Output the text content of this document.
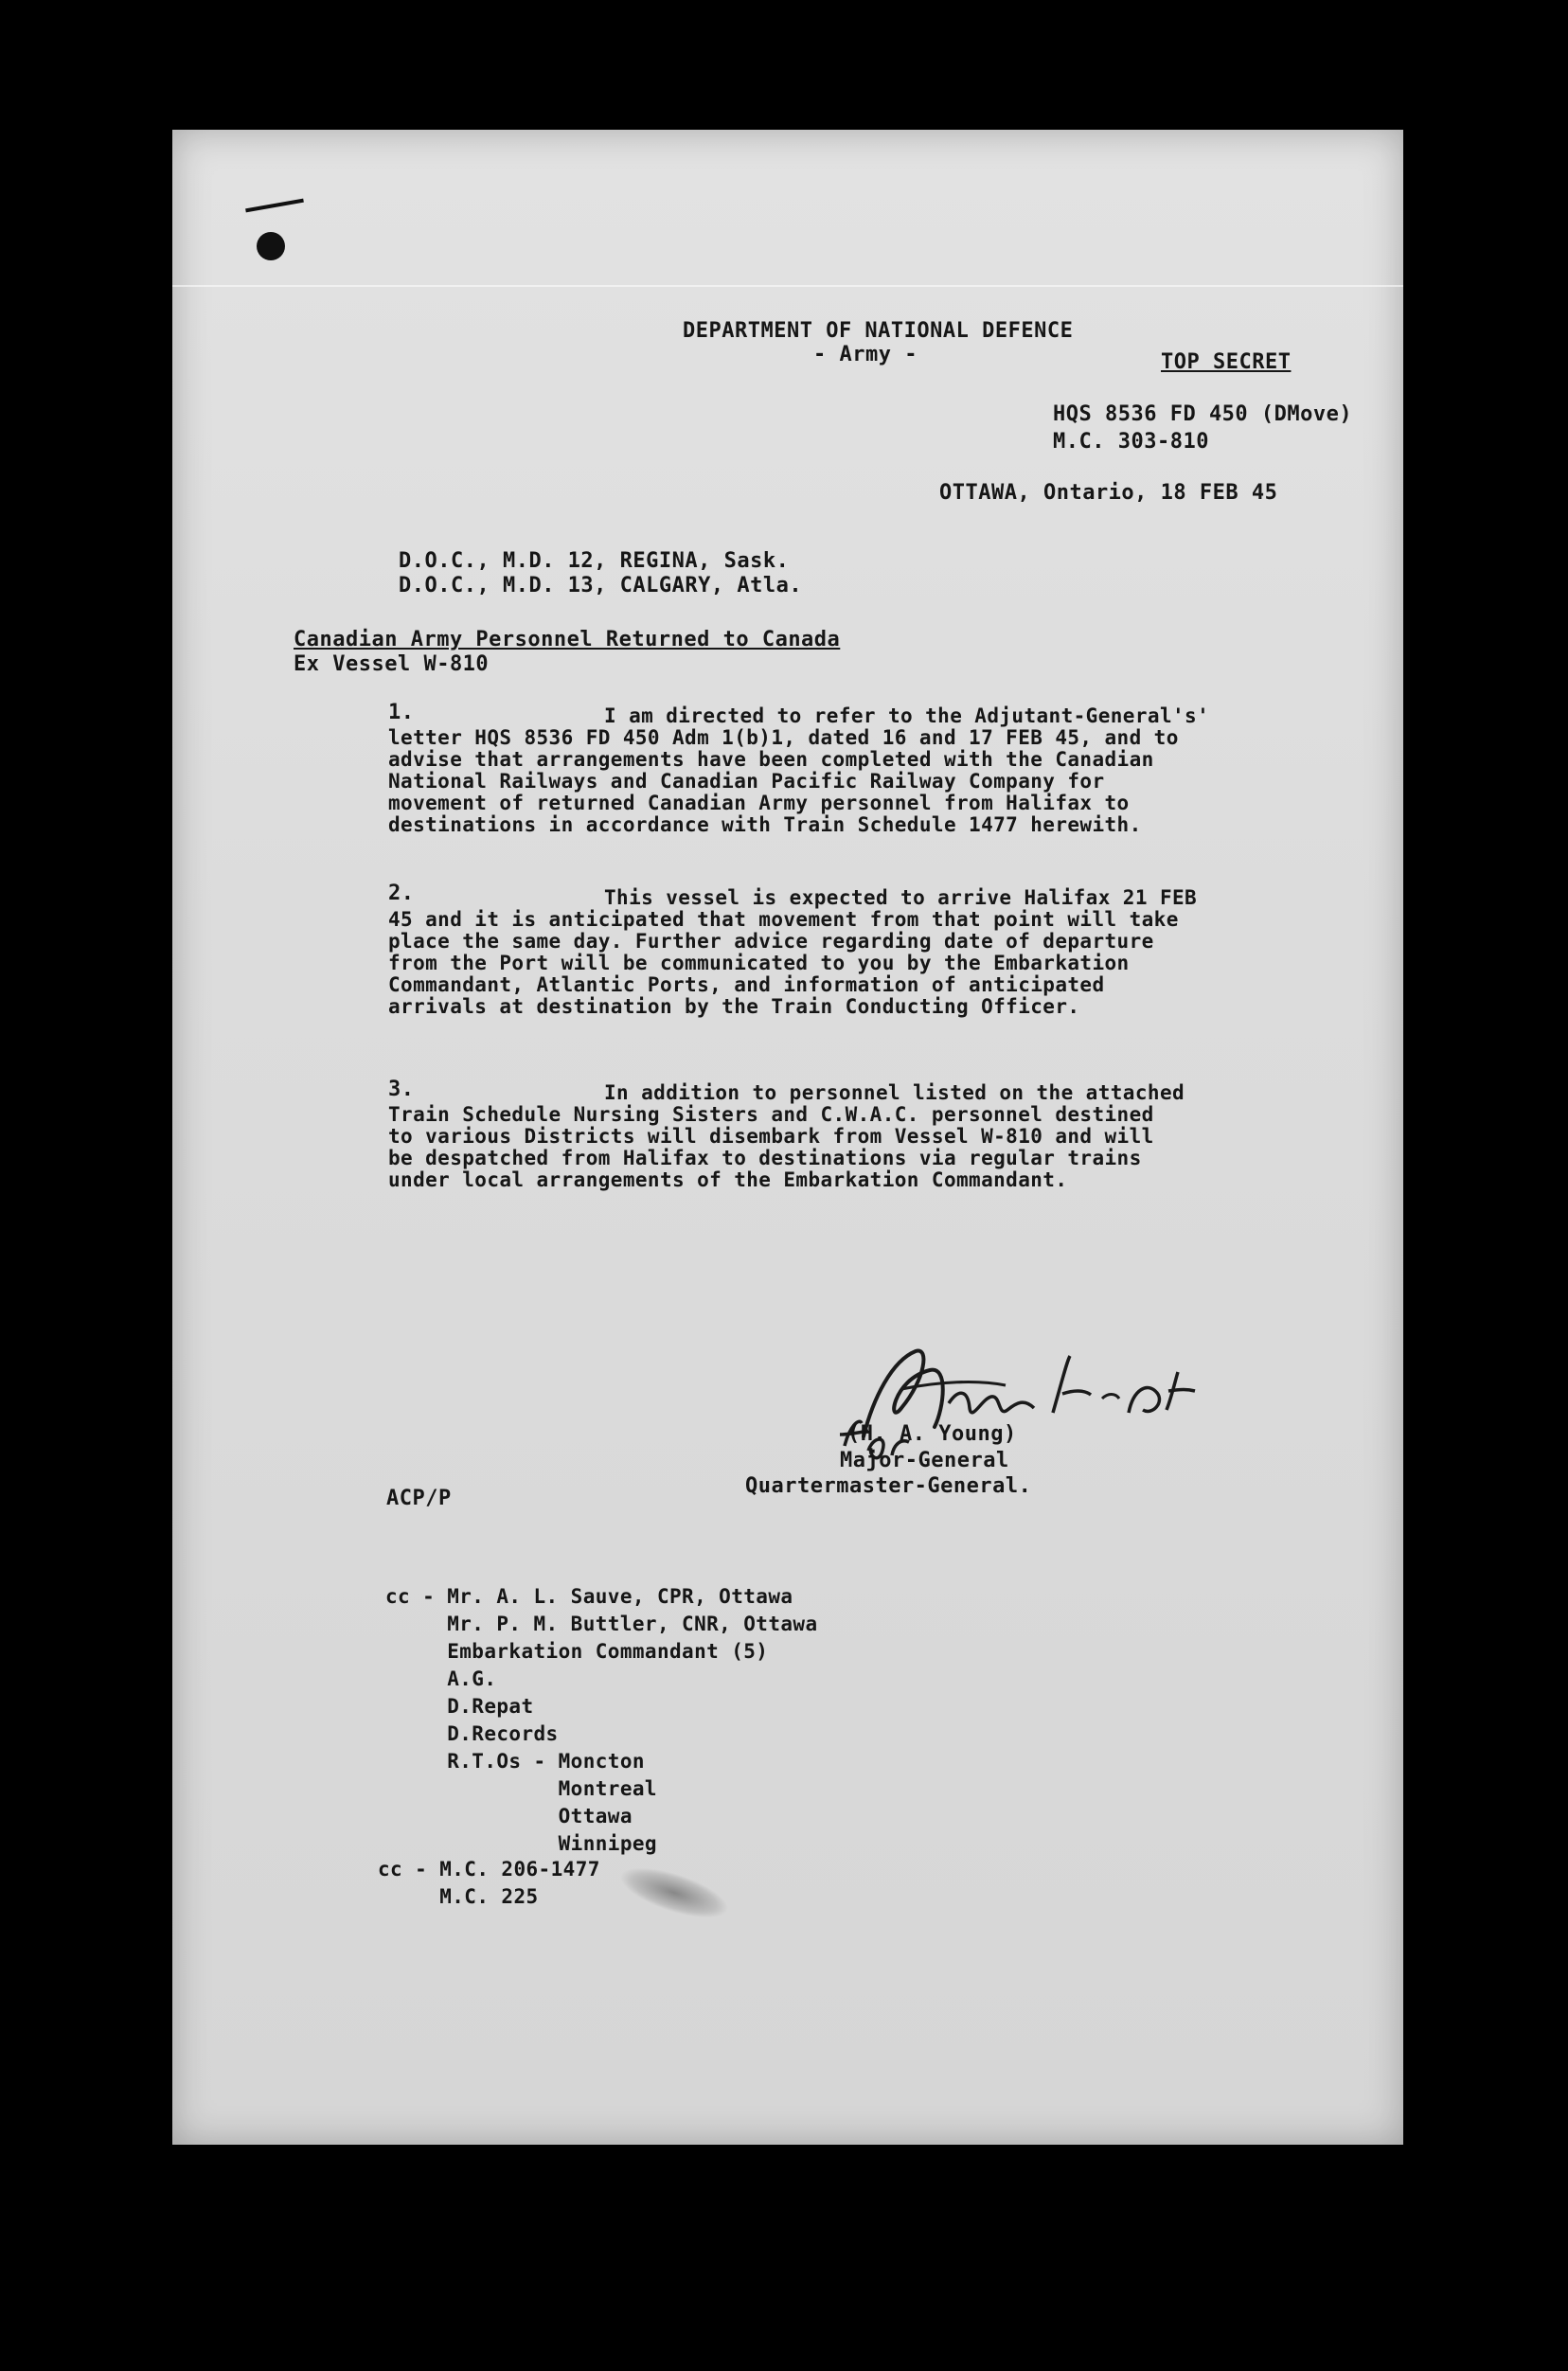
DEPARTMENT OF NATIONAL DEFENCE
- Army -	TOP SECRET
HQS 8536 FD 450 (DMove)
M.C. 303-810
OTTAWA, Ontario, 18 FEB 45
D.O.C., M.D. 12, REGINA, Sask.
D.O.C., M.D. 13, CALGARY, Atla.
Canadian Army Personnel Returned to Canada
Ex Vessel W-810
1.	I am directed to refer to the Adjutant-General's'
letter HQS 8536 FD 450 Adm 1(b)1, dated 16 and 17 FEB 45, and to
advise that arrangements have been completed with the Canadian
National Railways and Canadian Pacific Railway Company for
movement of returned Canadian Army personnel from Halifax to
destinations in accordance with Train Schedule 1477 herewith.
2.	This vessel is expected to arrive Halifax 21 FEB
45 and it is anticipated that movement from that point will take
place the same day. Further advice regarding date of departure
from the Port will be communicated to you by the Embarkation
Commandant, Atlantic Ports, and information of anticipated
arrivals at destination by the Train Conducting Officer.
3.	In addition to personnel listed on the attached
Train Schedule Nursing Sisters and C.W.A.C. personnel destined
to various Districts will disembark from Vessel W-810 and will
be despatched from Halifax to destinations via regular trains
under local arrangements of the Embarkation Commandant.
(H. A. Young)
Major-General
Quartermaster-General.
ACP/P
cc - Mr. A. L. Sauve, CPR, Ottawa
Mr. P. M. Buttler, CNR, Ottawa
Embarkation Commandant (5)
A.G.
D.Repat
D.Records
R.T.Os - Moncton
Montreal
Ottawa
Winnipeg
cc - M.C. 206-1477
M.C. 225
